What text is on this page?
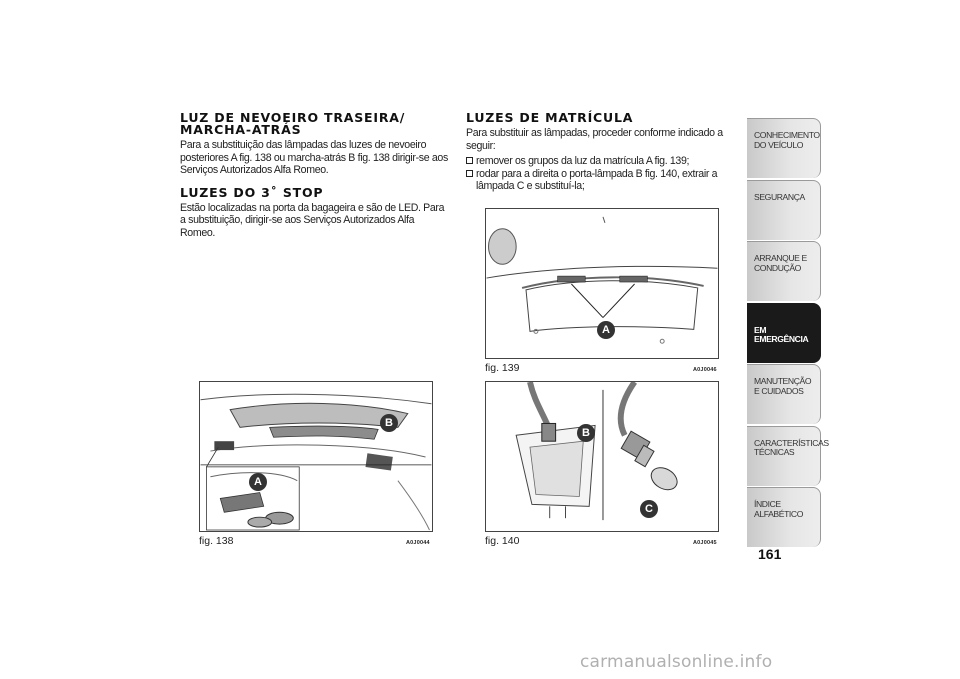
LUZ DE NEVOEIRO TRASEIRA/ MARCHA-ATRÁS

Para a substituição das lâmpadas das luzes de nevoeiro posteriores A fig. 138 ou marcha-atrás B fig. 138 dirigir-se aos Serviços Autorizados Alfa Romeo.

LUZES DO 3˚ STOP

Estão localizadas na porta da bagageira e são de LED. Para a substituição, dirigir-se aos Serviços Autorizados Alfa Romeo.

LUZES DE MATRÍCULA

Para substituir as lâmpadas, proceder conforme indicado a seguir:

remover os grupos da luz da matrícula A fig. 139;
rodar para a direita o porta-lâmpada B fig. 140, extrair a lâmpada C e substituí-la;
A
B
fig. 138	A0J0044
A
fig. 139	A0J0046
B
C
fig. 140	A0J0045
CONHECIMENTO DO VEÍCULO
SEGURANÇA
ARRANQUE E CONDUÇÃO
EM EMERGÊNCIA
MANUTENÇÃO E CUIDADOS
CARACTERÍSTICAS TÉCNICAS
ÍNDICE ALFABÉTICO
161
carmanualsonline.info
